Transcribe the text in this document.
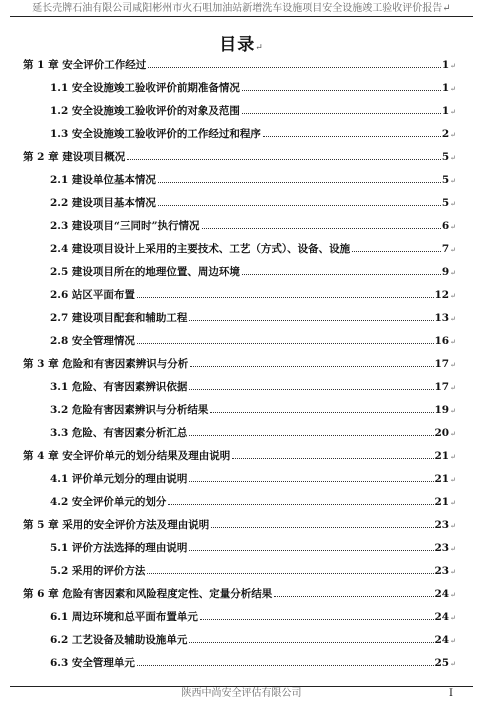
延长壳牌石油有限公司咸阳彬州市火石咀加油站新增洗车设施项目安全设施竣工验收评价报告↵
目录↵
第 1 章 安全评价工作经过	1 ↵
1.1 安全设施竣工验收评价前期准备情况	1 ↵
1.2 安全设施竣工验收评价的对象及范围	1 ↵
1.3 安全设施竣工验收评价的工作经过和程序	2 ↵
第 2 章 建设项目概况	5 ↵
2.1 建设单位基本情况	5 ↵
2.2 建设项目基本情况	5 ↵
2.3 建设项目“三同时”执行情况	6 ↵
2.4 建设项目设计上采用的主要技术、工艺（方式）、设备、设施	7 ↵
2.5 建设项目所在的地理位置、周边环境	9 ↵
2.6 站区平面布置	12 ↵
2.7 建设项目配套和辅助工程	13 ↵
2.8 安全管理情况	16 ↵
第 3 章 危险和有害因素辨识与分析	17 ↵
3.1 危险、有害因素辨识依据	17 ↵
3.2 危险有害因素辨识与分析结果	19 ↵
3.3 危险、有害因素分析汇总	20 ↵
第 4 章 安全评价单元的划分结果及理由说明	21 ↵
4.1 评价单元划分的理由说明	21 ↵
4.2 安全评价单元的划分	21 ↵
第 5 章 采用的安全评价方法及理由说明	23 ↵
5.1 评价方法选择的理由说明	23 ↵
5.2 采用的评价方法	23 ↵
第 6 章 危险有害因素和风险程度定性、定量分析结果	24 ↵
6.1 周边环境和总平面布置单元	24 ↵
6.2 工艺设备及辅助设施单元	24 ↵
6.3 安全管理单元	25 ↵
陕西中尚安全评估有限公司	I
